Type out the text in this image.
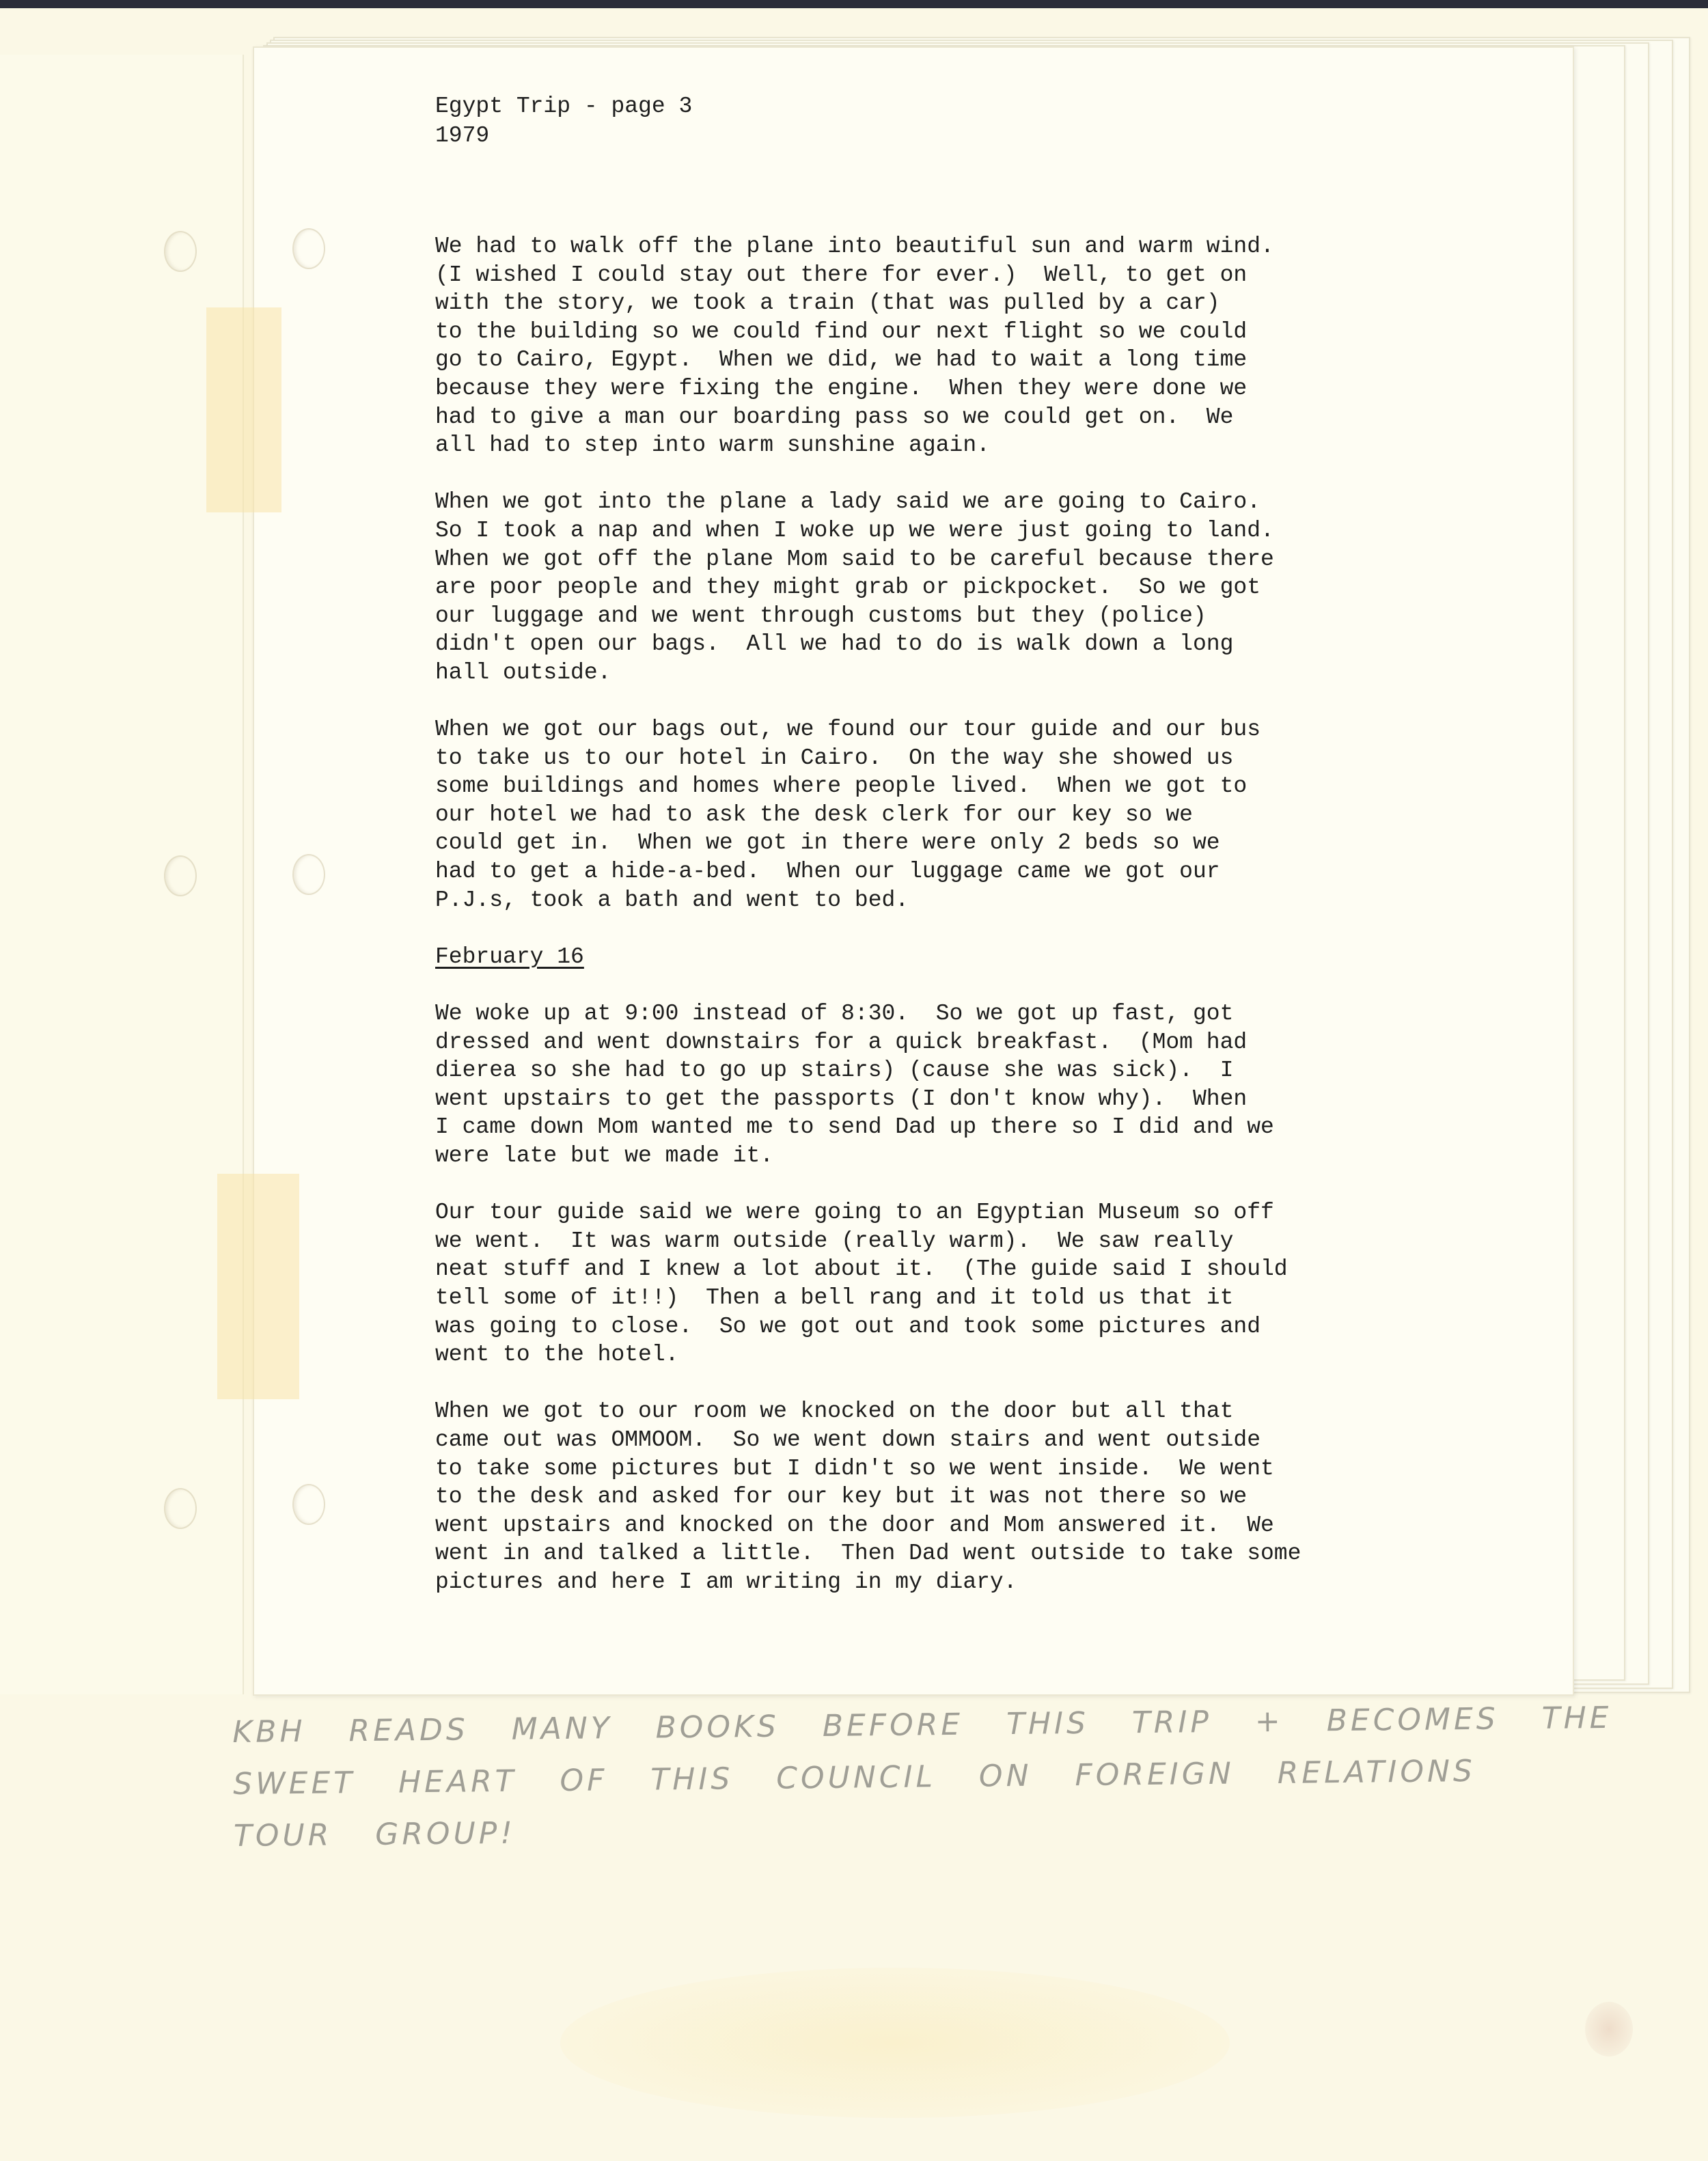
Egypt Trip - page 3
1979

We had to walk off the plane into beautiful sun and warm wind.
(I wished I could stay out there for ever.)  Well, to get on
with the story, we took a train (that was pulled by a car)
to the building so we could find our next flight so we could
go to Cairo, Egypt.  When we did, we had to wait a long time
because they were fixing the engine.  When they were done we
had to give a man our boarding pass so we could get on.  We
all had to step into warm sunshine again.

When we got into the plane a lady said we are going to Cairo.
So I took a nap and when I woke up we were just going to land.
When we got off the plane Mom said to be careful because there
are poor people and they might grab or pickpocket.  So we got
our luggage and we went through customs but they (police)
didn't open our bags.  All we had to do is walk down a long
hall outside.

When we got our bags out, we found our tour guide and our bus
to take us to our hotel in Cairo.  On the way she showed us
some buildings and homes where people lived.  When we got to
our hotel we had to ask the desk clerk for our key so we
could get in.  When we got in there were only 2 beds so we
had to get a hide-a-bed.  When our luggage came we got our
P.J.s, took a bath and went to bed.

February 16

We woke up at 9:00 instead of 8:30.  So we got up fast, got
dressed and went downstairs for a quick breakfast.  (Mom had
dierea so she had to go up stairs) (cause she was sick).  I
went upstairs to get the passports (I don't know why).  When
I came down Mom wanted me to send Dad up there so I did and we
were late but we made it.

Our tour guide said we were going to an Egyptian Museum so off
we went.  It was warm outside (really warm).  We saw really
neat stuff and I knew a lot about it.  (The guide said I should
tell some of it!!)  Then a bell rang and it told us that it
was going to close.  So we got out and took some pictures and
went to the hotel.

When we got to our room we knocked on the door but all that
came out was OMMOOM.  So we went down stairs and went outside
to take some pictures but I didn't so we went inside.  We went
to the desk and asked for our key but it was not there so we
went upstairs and knocked on the door and Mom answered it.  We
went in and talked a little.  Then Dad went outside to take some
pictures and here I am writing in my diary.

KBH READS MANY BOOKS BEFORE THIS TRIP + BECOMES THE
SWEET HEART OF THIS COUNCIL ON FOREIGN RELATIONS
TOUR GROUP!
